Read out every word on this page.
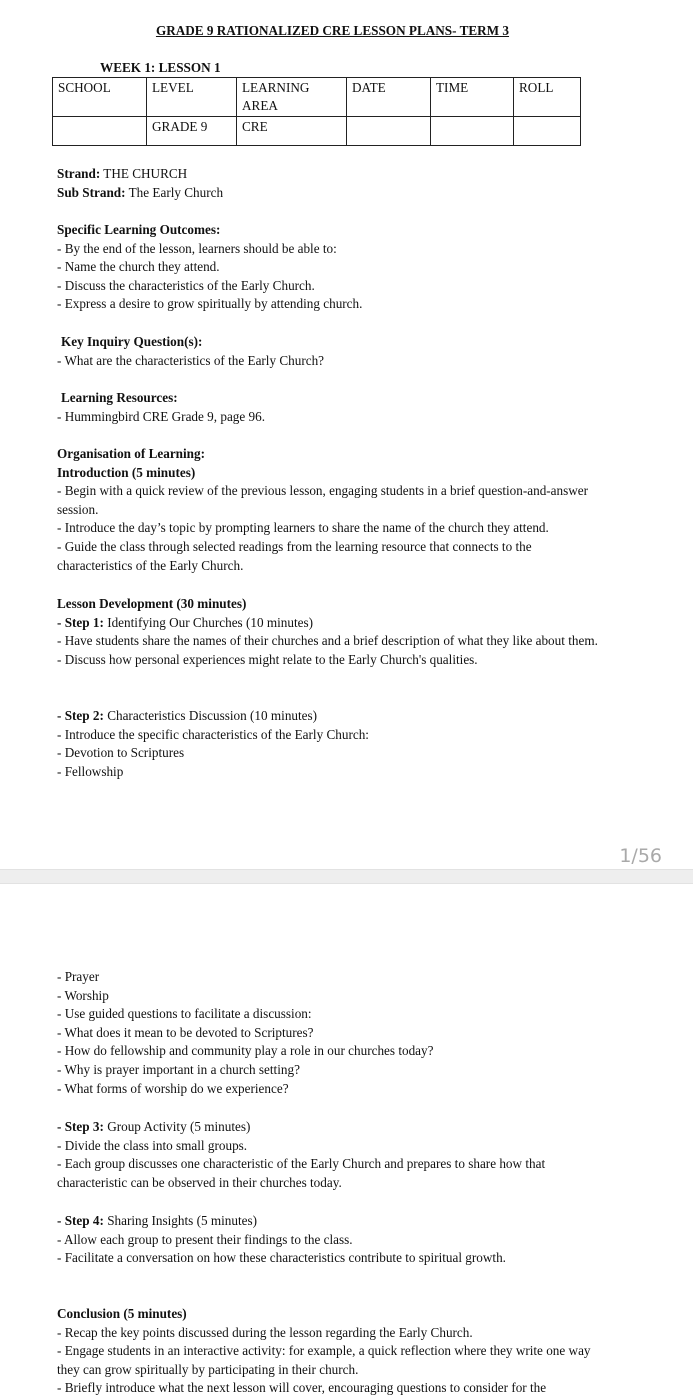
GRADE 9 RATIONALIZED CRE LESSON PLANS- TERM 3
WEEK 1: LESSON 1
SCHOOL	LEVEL	LEARNING AREA	DATE	TIME	ROLL
	GRADE 9	CRE			
Strand: THE CHURCH
Sub Strand: The Early Church
Specific Learning Outcomes:
- By the end of the lesson, learners should be able to:
- Name the church they attend.
- Discuss the characteristics of the Early Church.
- Express a desire to grow spiritually by attending church.
Key Inquiry Question(s):
- What are the characteristics of the Early Church?
Learning Resources:
- Hummingbird CRE Grade 9, page 96.
Organisation of Learning:
Introduction (5 minutes)
- Begin with a quick review of the previous lesson, engaging students in a brief question-and-answer session.
- Introduce the day’s topic by prompting learners to share the name of the church they attend.
- Guide the class through selected readings from the learning resource that connects to the characteristics of the Early Church.
Lesson Development (30 minutes)
- Step 1: Identifying Our Churches (10 minutes)
- Have students share the names of their churches and a brief description of what they like about them.
- Discuss how personal experiences might relate to the Early Church's qualities.
- Step 2: Characteristics Discussion (10 minutes)
- Introduce the specific characteristics of the Early Church:
- Devotion to Scriptures
- Fellowship
1/56
- Prayer
- Worship
- Use guided questions to facilitate a discussion:
- What does it mean to be devoted to Scriptures?
- How do fellowship and community play a role in our churches today?
- Why is prayer important in a church setting?
- What forms of worship do we experience?
- Step 3: Group Activity (5 minutes)
- Divide the class into small groups.
- Each group discusses one characteristic of the Early Church and prepares to share how that characteristic can be observed in their churches today.
- Step 4: Sharing Insights (5 minutes)
- Allow each group to present their findings to the class.
- Facilitate a conversation on how these characteristics contribute to spiritual growth.
Conclusion (5 minutes)
- Recap the key points discussed during the lesson regarding the Early Church.
- Engage students in an interactive activity: for example, a quick reflection where they write one way they can grow spiritually by participating in their church.
- Briefly introduce what the next lesson will cover, encouraging questions to consider for the
